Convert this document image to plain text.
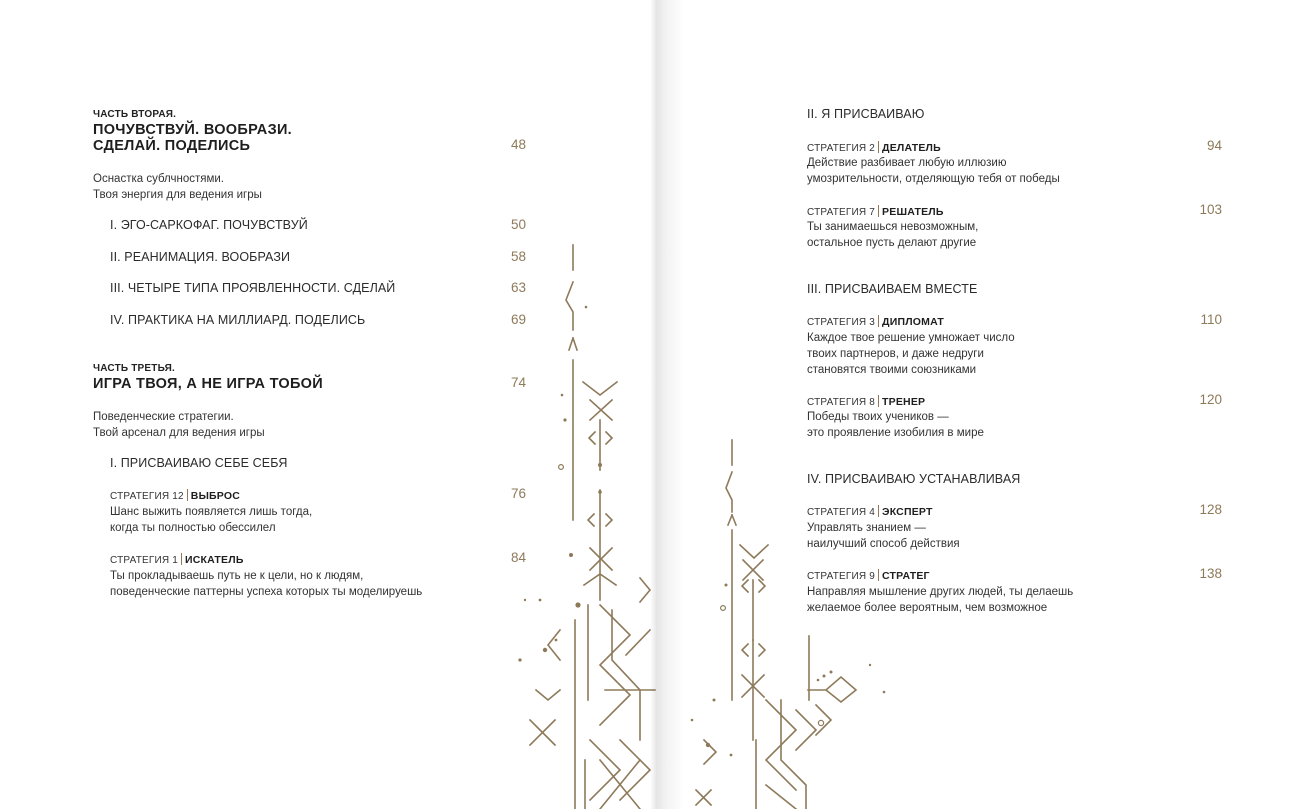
ЧАСТЬ ВТОРАЯ.

ПОЧУВСТВУЙ. ВООБРАЗИ.

СДЕЛАЙ. ПОДЕЛИСЬ	48

Оснастка сублчностями.

Твоя энергия для ведения игры

I. ЭГО-САРКОФАГ. ПОЧУВСТВУЙ	50

II. РЕАНИМАЦИЯ. ВООБРАЗИ	58

III. ЧЕТЫРЕ ТИПА ПРОЯВЛЕННОСТИ. СДЕЛАЙ	63

IV. ПРАКТИКА НА МИЛЛИАРД. ПОДЕЛИСЬ	69

ЧАСТЬ ТРЕТЬЯ.

ИГРА ТВОЯ, А НЕ ИГРА ТОБОЙ	74

Поведенческие стратегии.

Твой арсенал для ведения игры

I. ПРИСВАИВАЮ СЕБЕ СЕБЯ

СТРАТЕГИЯ 12 ВЫБРОС	76

Шанс выжить появляется лишь тогда,

когда ты полностью обессилел

СТРАТЕГИЯ 1 ИСКАТЕЛЬ	84

Ты прокладываешь путь не к цели, но к людям,

поведенческие паттерны успеха которых ты моделируешь

II. Я ПРИСВАИВАЮ

СТРАТЕГИЯ 2 ДЕЛАТЕЛЬ	94

Действие разбивает любую иллюзию

умозрительности, отделяющую тебя от победы

СТРАТЕГИЯ 7 РЕШАТЕЛЬ	103

Ты занимаешься невозможным,

остальное пусть делают другие

III. ПРИСВАИВАЕМ ВМЕСТЕ

СТРАТЕГИЯ 3 ДИПЛОМАТ	110

Каждое твое решение умножает число

твоих партнеров, и даже недруги

становятся твоими союзниками

СТРАТЕГИЯ 8 ТРЕНЕР	120

Победы твоих учеников —

это проявление изобилия в мире

IV. ПРИСВАИВАЮ УСТАНАВЛИВАЯ

СТРАТЕГИЯ 4 ЭКСПЕРТ	128

Управлять знанием —

наилучший способ действия

СТРАТЕГИЯ 9 СТРАТЕГ	138

Направляя мышление других людей, ты делаешь

желаемое более вероятным, чем возможное
